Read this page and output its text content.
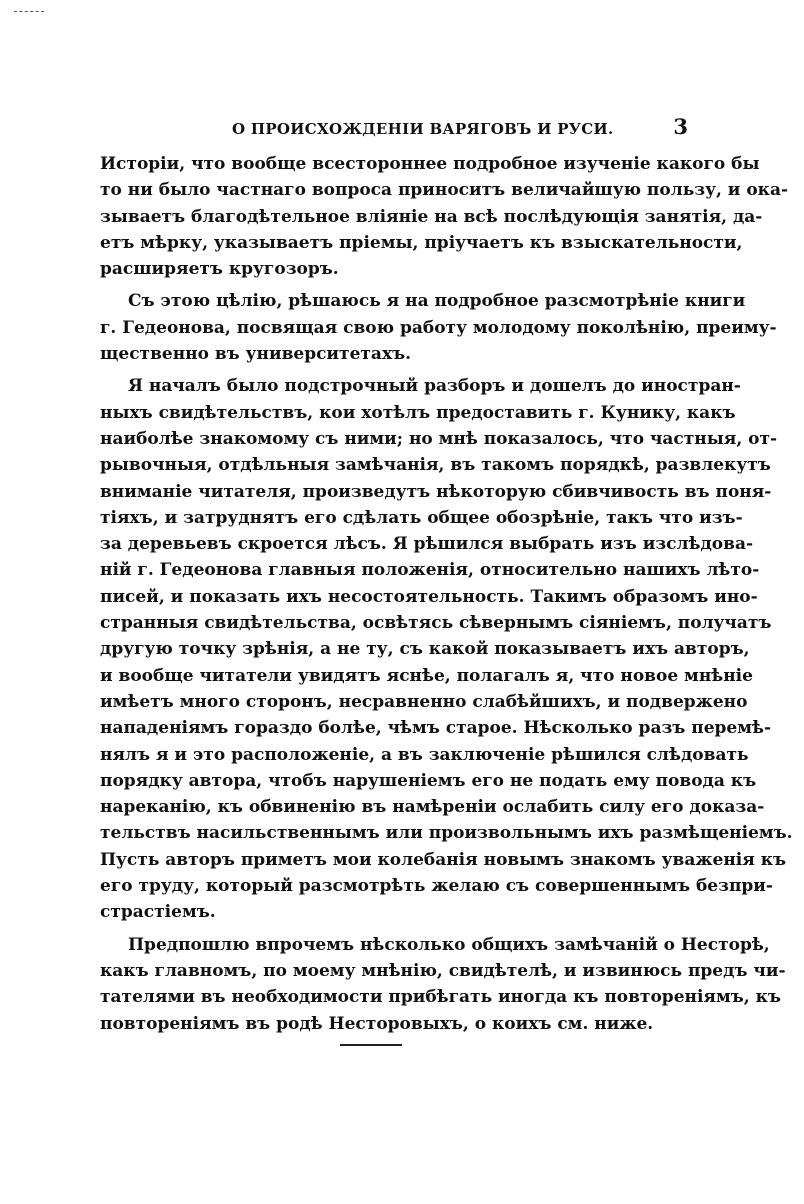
О ПРОИСХОЖДЕНІИ ВАРЯГОВЪ И РУСИ.	3

Исторіи, что вообще всестороннее подробное изученіе какого бы
то ни было частнаго вопроса приноситъ величайшую пользу, и ока-
зываетъ благодѣтельное вліяніе на всѣ послѣдующія занятія, да-
етъ мѣрку, указываетъ пріемы, пріучаетъ къ взыскательности,
расширяетъ кругозоръ.

Съ этою цѣлію, рѣшаюсь я на подробное разсмотрѣніе книги
г. Гедеонова, посвящая свою работу молодому поколѣнію, преиму-
щественно въ университетахъ.

Я началъ было подстрочный разборъ и дошелъ до иностран-
ныхъ свидѣтельствъ, кои хотѣлъ предоставить г. Кунику, какъ
наиболѣе знакомому съ ними; но мнѣ показалось, что частныя, от-
рывочныя, отдѣльныя замѣчанія, въ такомъ порядкѣ, развлекутъ
вниманіе читателя, произведутъ нѣкоторую сбивчивость въ поня-
тіяхъ, и затруднятъ его сдѣлать общее обозрѣніе, такъ что изъ-
за деревьевъ скроется лѣсъ. Я рѣшился выбрать изъ изслѣдова-
ній г. Гедеонова главныя положенія, относительно нашихъ лѣто-
писей, и показать ихъ несостоятельность. Такимъ образомъ ино-
странныя свидѣтельства, освѣтясь сѣвернымъ сіяніемъ, получатъ
другую точку зрѣнія, а не ту, съ какой показываетъ ихъ авторъ,
и вообще читатели увидятъ яснѣе, полагалъ я, что новое мнѣніе
имѣетъ много сторонъ, несравненно слабѣйшихъ, и подвержено
нападеніямъ гораздо болѣе, чѣмъ старое. Нѣсколько разъ перемѣ-
нялъ я и это расположеніе, а въ заключеніе рѣшился слѣдовать
порядку автора, чтобъ нарушеніемъ его не подать ему повода къ
нареканію, къ обвиненію въ намѣреніи ослабить силу его доказа-
тельствъ насильственнымъ или произвольнымъ ихъ размѣщеніемъ.
Пусть авторъ приметъ мои колебанія новымъ знакомъ уваженія къ
его труду, который разсмотрѣть желаю съ совершеннымъ безпри-
страстіемъ.

Предпошлю впрочемъ нѣсколько общихъ замѣчаній о Несторѣ,
какъ главномъ, по моему мнѣнію, свидѣтелѣ, и извинюсь предъ чи-
тателями въ необходимости прибѣгать иногда къ повтореніямъ, къ
повтореніямъ въ родѣ Несторовыхъ, о коихъ см. ниже.
